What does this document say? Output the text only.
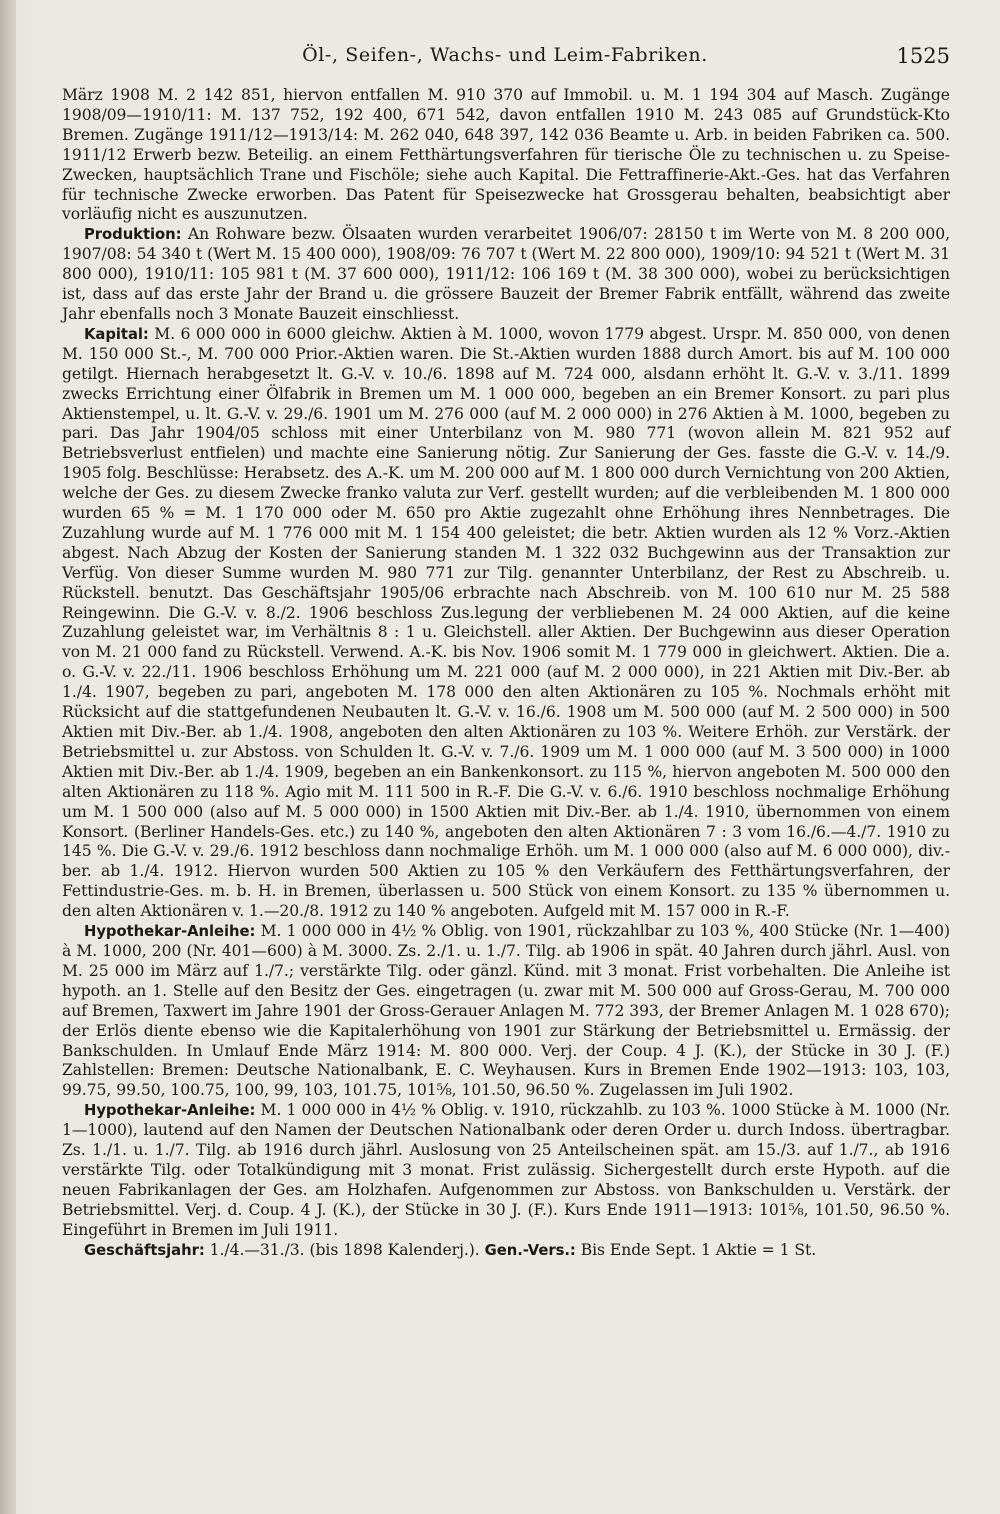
Öl-, Seifen-, Wachs- und Leim-Fabriken.	1525

März 1908 M. 2 142 851, hiervon entfallen M. 910 370 auf Immobil. u. M. 1 194 304 auf Masch. Zugänge 1908/09—1910/11: M. 137 752, 192 400, 671 542, davon entfallen 1910 M. 243 085 auf Grundstück-Kto Bremen. Zugänge 1911/12—1913/14: M. 262 040, 648 397, 142 036 Beamte u. Arb. in beiden Fabriken ca. 500. 1911/12 Erwerb bezw. Beteilig. an einem Fetthärtungsverfahren für tierische Öle zu technischen u. zu Speise-Zwecken, hauptsächlich Trane und Fischöle; siehe auch Kapital. Die Fettraffinerie-Akt.-Ges. hat das Verfahren für technische Zwecke erworben. Das Patent für Speisezwecke hat Grossgerau behalten, beabsichtigt aber vorläufig nicht es auszunutzen.

Produktion: An Rohware bezw. Ölsaaten wurden verarbeitet 1906/07: 28150 t im Werte von M. 8 200 000, 1907/08: 54 340 t (Wert M. 15 400 000), 1908/09: 76 707 t (Wert M. 22 800 000), 1909/10: 94 521 t (Wert M. 31 800 000), 1910/11: 105 981 t (M. 37 600 000), 1911/12: 106 169 t (M. 38 300 000), wobei zu berücksichtigen ist, dass auf das erste Jahr der Brand u. die grössere Bauzeit der Bremer Fabrik entfällt, während das zweite Jahr ebenfalls noch 3 Monate Bauzeit einschliesst.

Kapital: M. 6 000 000 in 6000 gleichw. Aktien à M. 1000, wovon 1779 abgest. Urspr. M. 850 000, von denen M. 150 000 St.-, M. 700 000 Prior.-Aktien waren. Die St.-Aktien wurden 1888 durch Amort. bis auf M. 100 000 getilgt. Hiernach herabgesetzt lt. G.-V. v. 10./6. 1898 auf M. 724 000, alsdann erhöht lt. G.-V. v. 3./11. 1899 zwecks Errichtung einer Ölfabrik in Bremen um M. 1 000 000, begeben an ein Bremer Konsort. zu pari plus Aktienstempel, u. lt. G.-V. v. 29./6. 1901 um M. 276 000 (auf M. 2 000 000) in 276 Aktien à M. 1000, begeben zu pari. Das Jahr 1904/05 schloss mit einer Unterbilanz von M. 980 771 (wovon allein M. 821 952 auf Betriebsverlust entfielen) und machte eine Sanierung nötig. Zur Sanierung der Ges. fasste die G.-V. v. 14./9. 1905 folg. Beschlüsse: Herabsetz. des A.-K. um M. 200 000 auf M. 1 800 000 durch Vernichtung von 200 Aktien, welche der Ges. zu diesem Zwecke franko valuta zur Verf. gestellt wurden; auf die verbleibenden M. 1 800 000 wurden 65 % = M. 1 170 000 oder M. 650 pro Aktie zugezahlt ohne Erhöhung ihres Nennbetrages. Die Zuzahlung wurde auf M. 1 776 000 mit M. 1 154 400 geleistet; die betr. Aktien wurden als 12 % Vorz.-Aktien abgest. Nach Abzug der Kosten der Sanierung standen M. 1 322 032 Buchgewinn aus der Transaktion zur Verfüg. Von dieser Summe wurden M. 980 771 zur Tilg. genannter Unterbilanz, der Rest zu Abschreib. u. Rückstell. benutzt. Das Geschäftsjahr 1905/06 erbrachte nach Abschreib. von M. 100 610 nur M. 25 588 Reingewinn. Die G.-V. v. 8./2. 1906 beschloss Zus.legung der verbliebenen M. 24 000 Aktien, auf die keine Zuzahlung geleistet war, im Verhältnis 8 : 1 u. Gleichstell. aller Aktien. Der Buchgewinn aus dieser Operation von M. 21 000 fand zu Rückstell. Verwend. A.-K. bis Nov. 1906 somit M. 1 779 000 in gleichwert. Aktien. Die a. o. G.-V. v. 22./11. 1906 beschloss Erhöhung um M. 221 000 (auf M. 2 000 000), in 221 Aktien mit Div.-Ber. ab 1./4. 1907, begeben zu pari, angeboten M. 178 000 den alten Aktionären zu 105 %. Nochmals erhöht mit Rücksicht auf die stattgefundenen Neubauten lt. G.-V. v. 16./6. 1908 um M. 500 000 (auf M. 2 500 000) in 500 Aktien mit Div.-Ber. ab 1./4. 1908, angeboten den alten Aktionären zu 103 %. Weitere Erhöh. zur Verstärk. der Betriebsmittel u. zur Abstoss. von Schulden lt. G.-V. v. 7./6. 1909 um M. 1 000 000 (auf M. 3 500 000) in 1000 Aktien mit Div.-Ber. ab 1./4. 1909, begeben an ein Bankenkonsort. zu 115 %, hiervon angeboten M. 500 000 den alten Aktionären zu 118 %. Agio mit M. 111 500 in R.-F. Die G.-V. v. 6./6. 1910 beschloss nochmalige Erhöhung um M. 1 500 000 (also auf M. 5 000 000) in 1500 Aktien mit Div.-Ber. ab 1./4. 1910, übernommen von einem Konsort. (Berliner Handels-Ges. etc.) zu 140 %, angeboten den alten Aktionären 7 : 3 vom 16./6.—4./7. 1910 zu 145 %. Die G.-V. v. 29./6. 1912 beschloss dann nochmalige Erhöh. um M. 1 000 000 (also auf M. 6 000 000), div.-ber. ab 1./4. 1912. Hiervon wurden 500 Aktien zu 105 % den Verkäufern des Fetthärtungsverfahren, der Fettindustrie-Ges. m. b. H. in Bremen, überlassen u. 500 Stück von einem Konsort. zu 135 % übernommen u. den alten Aktionären v. 1.—20./8. 1912 zu 140 % angeboten. Aufgeld mit M. 157 000 in R.-F.

Hypothekar-Anleihe: M. 1 000 000 in 4½ % Oblig. von 1901, rückzahlbar zu 103 %, 400 Stücke (Nr. 1—400) à M. 1000, 200 (Nr. 401—600) à M. 3000. Zs. 2./1. u. 1./7. Tilg. ab 1906 in spät. 40 Jahren durch jährl. Ausl. von M. 25 000 im März auf 1./7.; verstärkte Tilg. oder gänzl. Künd. mit 3 monat. Frist vorbehalten. Die Anleihe ist hypoth. an 1. Stelle auf den Besitz der Ges. eingetragen (u. zwar mit M. 500 000 auf Gross-Gerau, M. 700 000 auf Bremen, Taxwert im Jahre 1901 der Gross-Gerauer Anlagen M. 772 393, der Bremer Anlagen M. 1 028 670); der Erlös diente ebenso wie die Kapitalerhöhung von 1901 zur Stärkung der Betriebsmittel u. Ermässig. der Bankschulden. In Umlauf Ende März 1914: M. 800 000. Verj. der Coup. 4 J. (K.), der Stücke in 30 J. (F.) Zahlstellen: Bremen: Deutsche Nationalbank, E. C. Weyhausen. Kurs in Bremen Ende 1902—1913: 103, 103, 99.75, 99.50, 100.75, 100, 99, 103, 101.75, 101⅝, 101.50, 96.50 %. Zugelassen im Juli 1902.

Hypothekar-Anleihe: M. 1 000 000 in 4½ % Oblig. v. 1910, rückzahlb. zu 103 %. 1000 Stücke à M. 1000 (Nr. 1—1000), lautend auf den Namen der Deutschen Nationalbank oder deren Order u. durch Indoss. übertragbar. Zs. 1./1. u. 1./7. Tilg. ab 1916 durch jährl. Auslosung von 25 Anteilscheinen spät. am 15./3. auf 1./7., ab 1916 verstärkte Tilg. oder Totalkündigung mit 3 monat. Frist zulässig. Sichergestellt durch erste Hypoth. auf die neuen Fabrikanlagen der Ges. am Holzhafen. Aufgenommen zur Abstoss. von Bankschulden u. Verstärk. der Betriebsmittel. Verj. d. Coup. 4 J. (K.), der Stücke in 30 J. (F.). Kurs Ende 1911—1913: 101⅝, 101.50, 96.50 %. Eingeführt in Bremen im Juli 1911.

Geschäftsjahr: 1./4.—31./3. (bis 1898 Kalenderj.). Gen.-Vers.: Bis Ende Sept. 1 Aktie = 1 St.
